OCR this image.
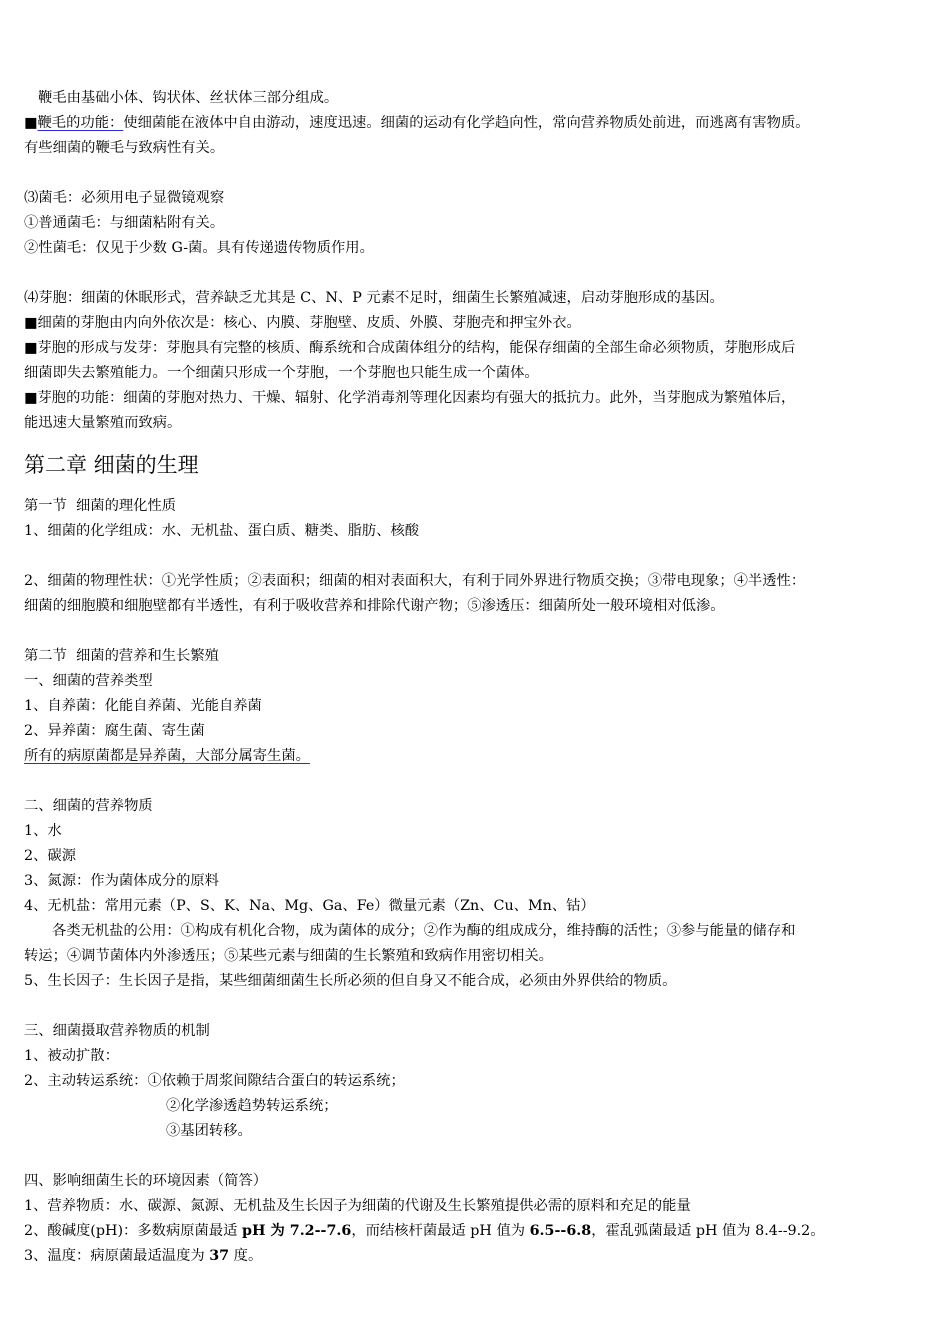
鞭毛由基础小体、钩状体、丝状体三部分组成。

■鞭毛的功能：使细菌能在液体中自由游动，速度迅速。细菌的运动有化学趋向性，常向营养物质处前进，而逃离有害物质。

有些细菌的鞭毛与致病性有关。

⑶菌毛：必须用电子显微镜观察

①普通菌毛：与细菌粘附有关。

②性菌毛：仅见于少数 G-菌。具有传递遗传物质作用。

⑷芽胞：细菌的休眠形式，营养缺乏尤其是 C、N、P 元素不足时，细菌生长繁殖减速，启动芽胞形成的基因。

■细菌的芽胞由内向外依次是：核心、内膜、芽胞壁、皮质、外膜、芽胞壳和押宝外衣。

■芽胞的形成与发芽：芽胞具有完整的核质、酶系统和合成菌体组分的结构，能保存细菌的全部生命必须物质，芽胞形成后

细菌即失去繁殖能力。一个细菌只形成一个芽胞，一个芽胞也只能生成一个菌体。

■芽胞的功能：细菌的芽胞对热力、干燥、辐射、化学消毒剂等理化因素均有强大的抵抗力。此外，当芽胞成为繁殖体后，

能迅速大量繁殖而致病。

第二章 细菌的生理

第一节  细菌的理化性质

1、细菌的化学组成：水、无机盐、蛋白质、糖类、脂肪、核酸

2、细菌的物理性状：①光学性质；②表面积；细菌的相对表面积大，有利于同外界进行物质交换；③带电现象；④半透性：

细菌的细胞膜和细胞壁都有半透性，有利于吸收营养和排除代谢产物；⑤渗透压：细菌所处一般环境相对低渗。

第二节  细菌的营养和生长繁殖

一、细菌的营养类型

1、自养菌：化能自养菌、光能自养菌

2、异养菌：腐生菌、寄生菌

所有的病原菌都是异养菌，大部分属寄生菌。

二、细菌的营养物质

1、水

2、碳源

3、氮源：作为菌体成分的原料

4、无机盐：常用元素（P、S、K、Na、Mg、Ga、Fe）微量元素（Zn、Cu、Mn、钴）

各类无机盐的公用：①构成有机化合物，成为菌体的成分；②作为酶的组成成分，维持酶的活性；③参与能量的储存和

转运；④调节菌体内外渗透压；⑤某些元素与细菌的生长繁殖和致病作用密切相关。

5、生长因子：生长因子是指，某些细菌细菌生长所必须的但自身又不能合成，必须由外界供给的物质。

三、细菌摄取营养物质的机制

1、被动扩散：

2、主动转运系统：①依赖于周浆间隙结合蛋白的转运系统；

②化学渗透趋势转运系统；

③基团转移。

四、影响细菌生长的环境因素（简答）

1、营养物质：水、碳源、氮源、无机盐及生长因子为细菌的代谢及生长繁殖提供必需的原料和充足的能量

2、酸碱度(pH)：多数病原菌最适 pH 为 7.2--7.6，而结核杆菌最适 pH 值为 6.5--6.8，霍乱弧菌最适 pH 值为 8.4--9.2。

3、温度：病原菌最适温度为 37 度。
